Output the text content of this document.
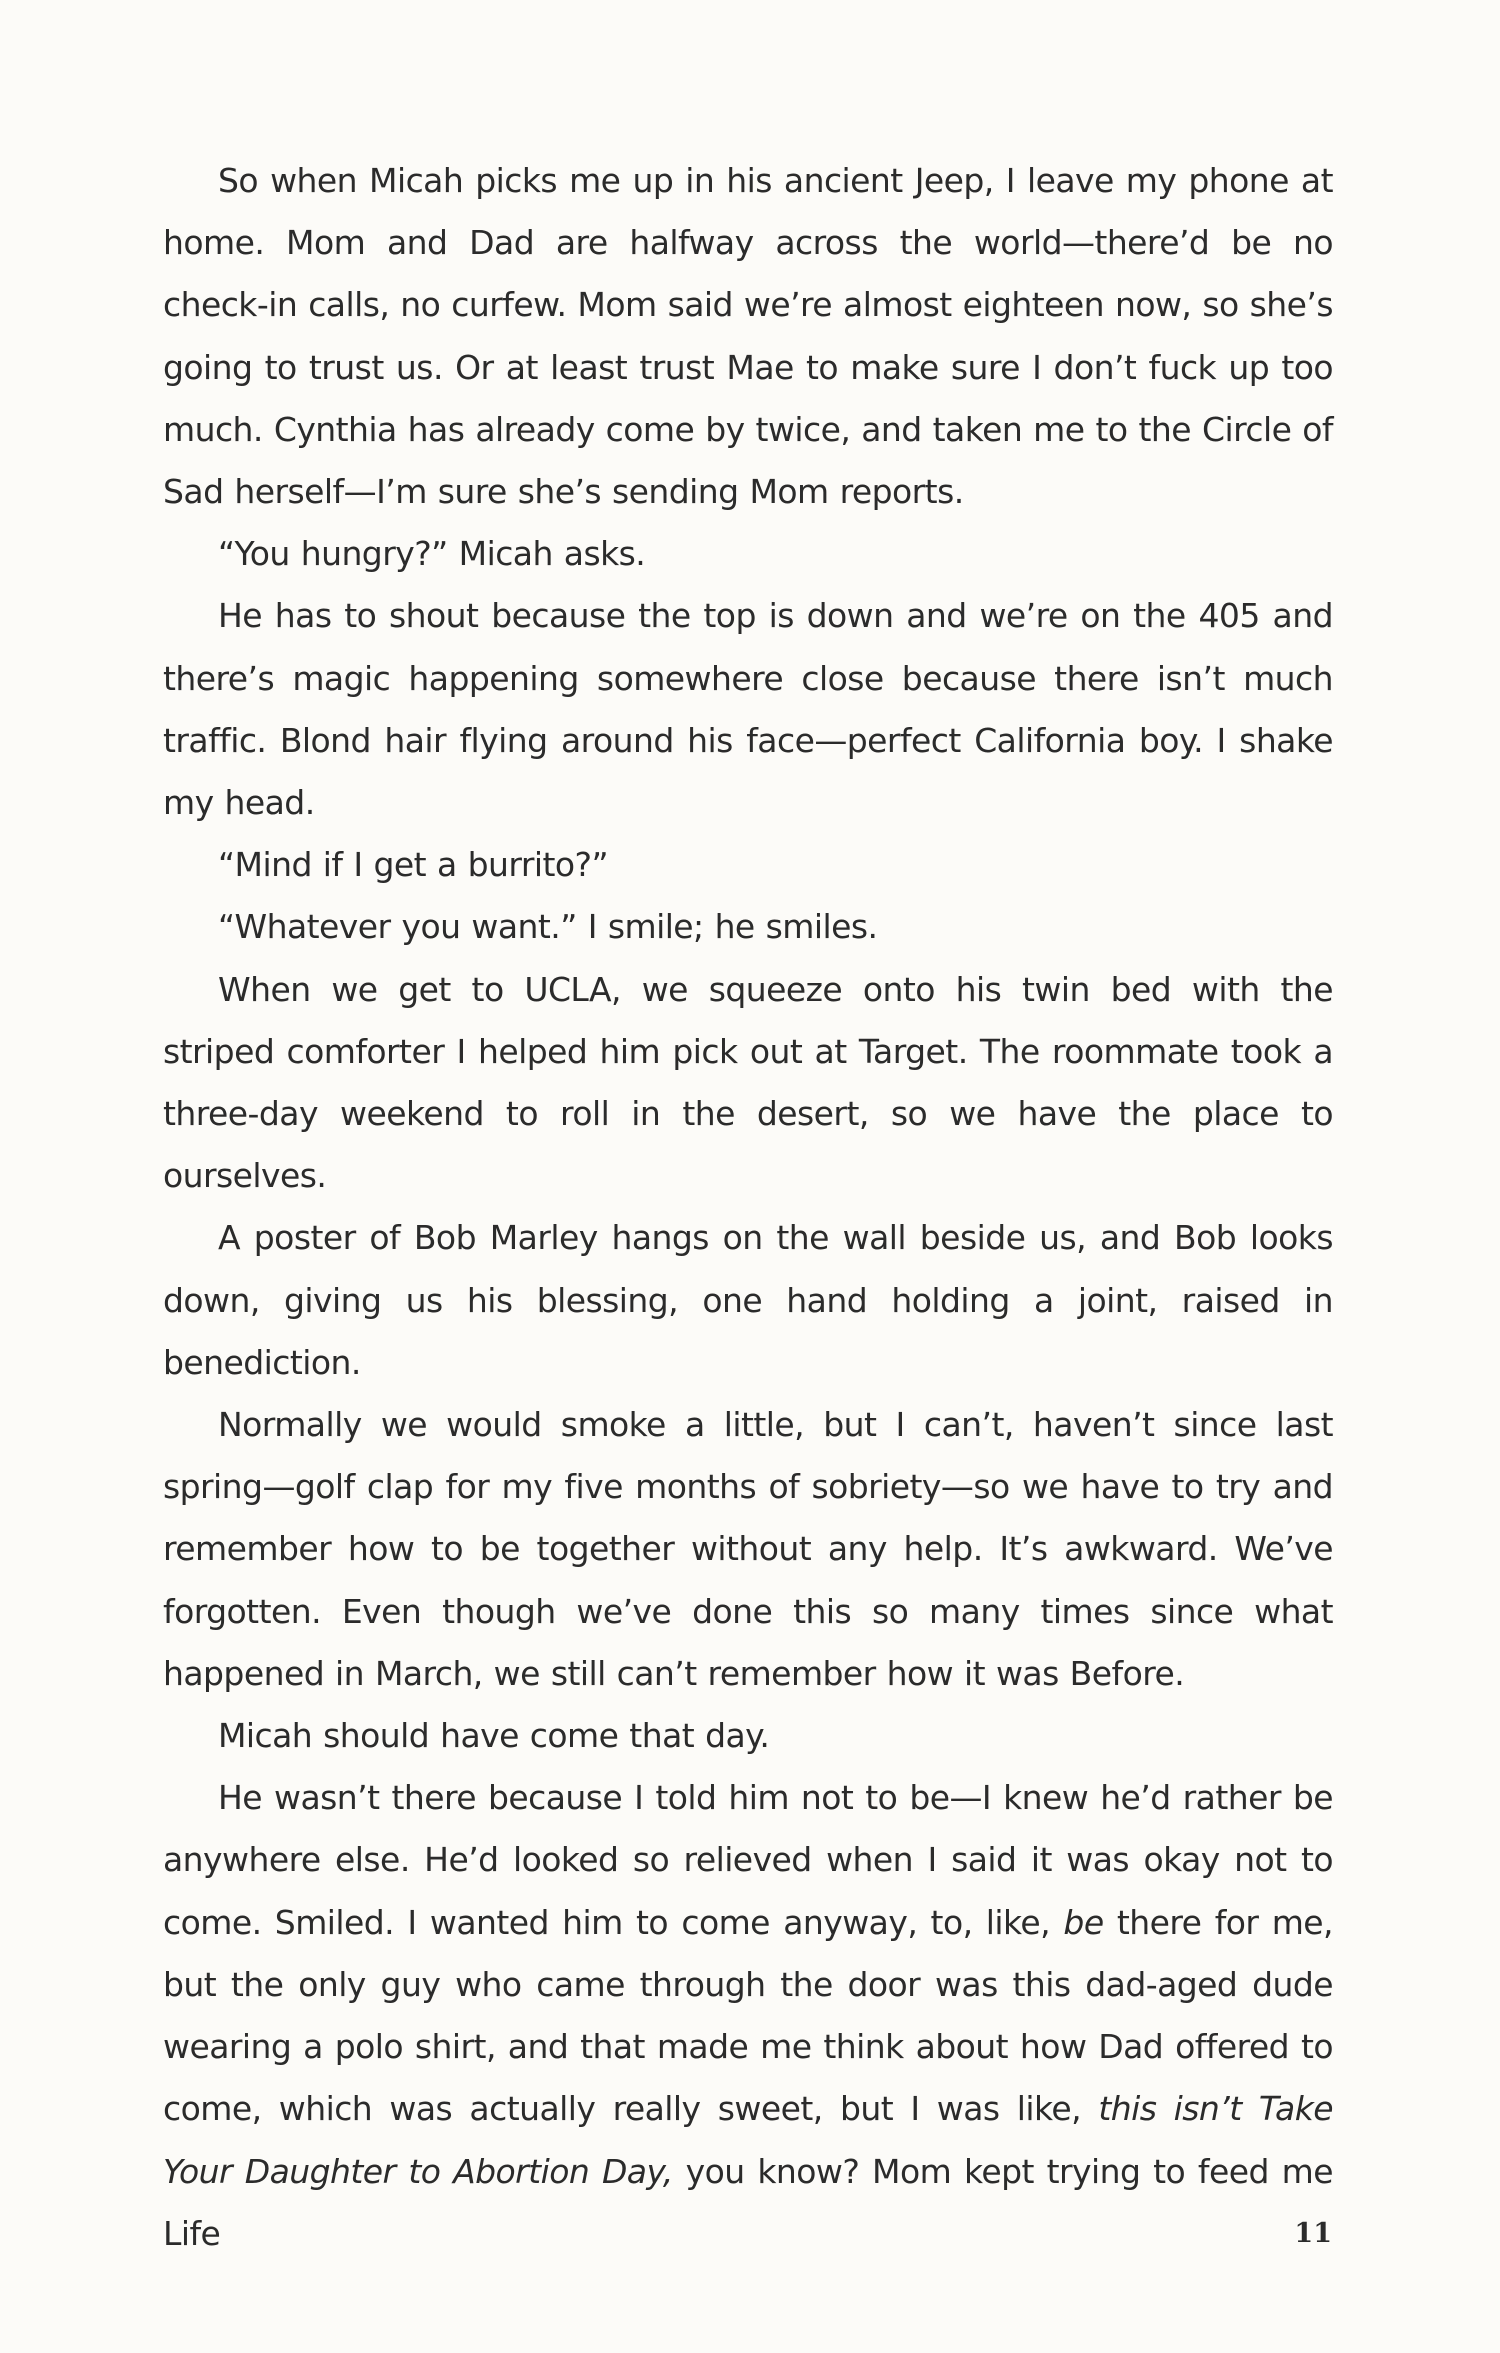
So when Micah picks me up in his ancient Jeep, I leave my phone at home. Mom and Dad are halfway across the world—there’d be no check-in calls, no curfew. Mom said we’re almost eighteen now, so she’s going to trust us. Or at least trust Mae to make sure I don’t fuck up too much. Cynthia has already come by twice, and taken me to the Circle of Sad herself—I’m sure she’s sending Mom reports.

“You hungry?” Micah asks.

He has to shout because the top is down and we’re on the 405 and there’s magic happening somewhere close because there isn’t much traffic. Blond hair flying around his face—perfect California boy. I shake my head.

“Mind if I get a burrito?”

“Whatever you want.” I smile; he smiles.

When we get to UCLA, we squeeze onto his twin bed with the striped comforter I helped him pick out at Target. The roommate took a three-day weekend to roll in the desert, so we have the place to ourselves.

A poster of Bob Marley hangs on the wall beside us, and Bob looks down, giving us his blessing, one hand holding a joint, raised in benediction.

Normally we would smoke a little, but I can’t, haven’t since last spring—golf clap for my five months of sobriety—so we have to try and remember how to be together without any help. It’s awkward. We’ve forgotten. Even though we’ve done this so many times since what happened in March, we still can’t remember how it was Before.

Micah should have come that day.

He wasn’t there because I told him not to be—I knew he’d rather be anywhere else. He’d looked so relieved when I said it was okay not to come. Smiled. I wanted him to come anyway, to, like, be there for me, but the only guy who came through the door was this dad-aged dude wearing a polo shirt, and that made me think about how Dad offered to come, which was actually really sweet, but I was like, this isn’t Take Your Daughter to Abortion Day, you know? Mom kept trying to feed me Life	11
